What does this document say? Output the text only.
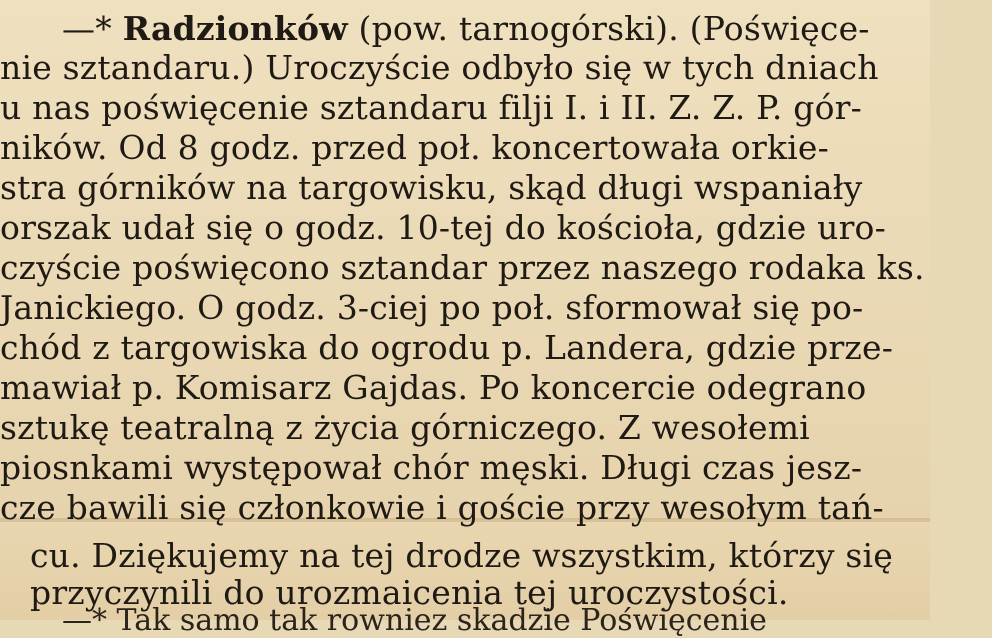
—* Radzionków (pow. tarnogórski). (Poświęce-
nie sztandaru.) Uroczyście odbyło się w tych dniach
u nas poświęcenie sztandaru filji I. i II. Z. Z. P. gór-
ników. Od 8 godz. przed poł. koncertowała orkie-
stra górników na targowisku, skąd długi wspaniały
orszak udał się o godz. 10-tej do kościoła, gdzie uro-
czyście poświęcono sztandar przez naszego rodaka ks.
Janickiego. O godz. 3-ciej po poł. sformował się po-
chód z targowiska do ogrodu p. Landera, gdzie prze-
mawiał p. Komisarz Gajdas. Po koncercie odegrano
sztukę teatralną z życia górniczego. Z wesołemi
piosnkami występował chór męski. Długi czas jesz-
cze bawili się członkowie i goście przy wesołym tań-
cu. Dziękujemy na tej drodze wszystkim, którzy się
przyczynili do urozmaicenia tej uroczystości.
—* Tak samo tak rowniez skadzie Poświęcenie
